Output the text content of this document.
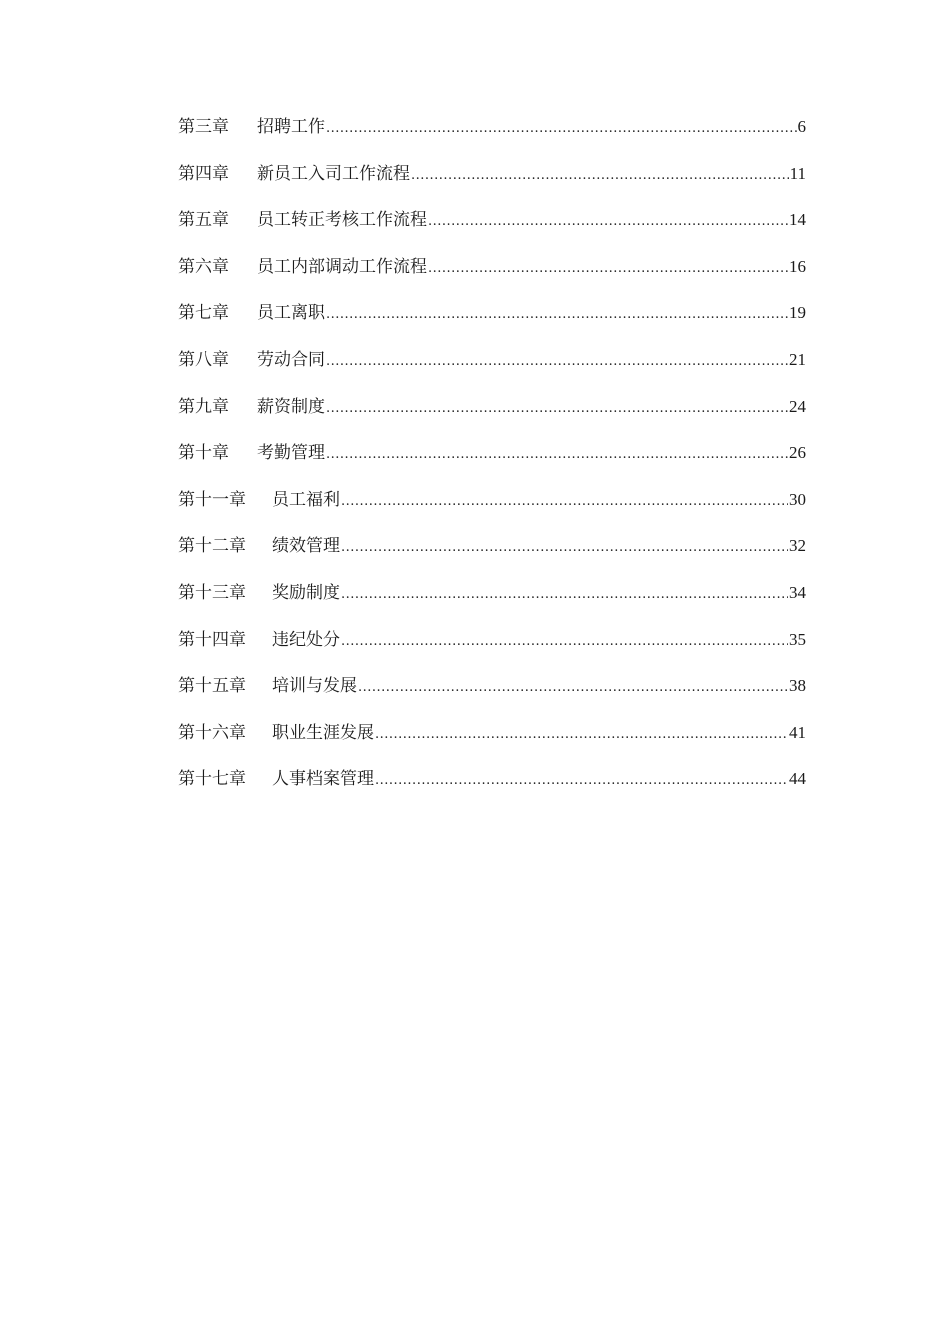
第三章 招聘工作 .....	6
第四章 新员工入司工作流程 .....	11
第五章 员工转正考核工作流程 .....	14
第六章 员工内部调动工作流程 .....	16
第七章 员工离职 .....	19
第八章 劳动合同 .....	21
第九章 薪资制度 .....	24
第十章 考勤管理 .....	26
第十一章 员工福利 .....	30
第十二章 绩效管理 .....	32
第十三章 奖励制度 .....	34
第十四章 违纪处分 .....	35
第十五章 培训与发展 .....	38
第十六章 职业生涯发展 .....	41
第十七章 人事档案管理 .....	44
